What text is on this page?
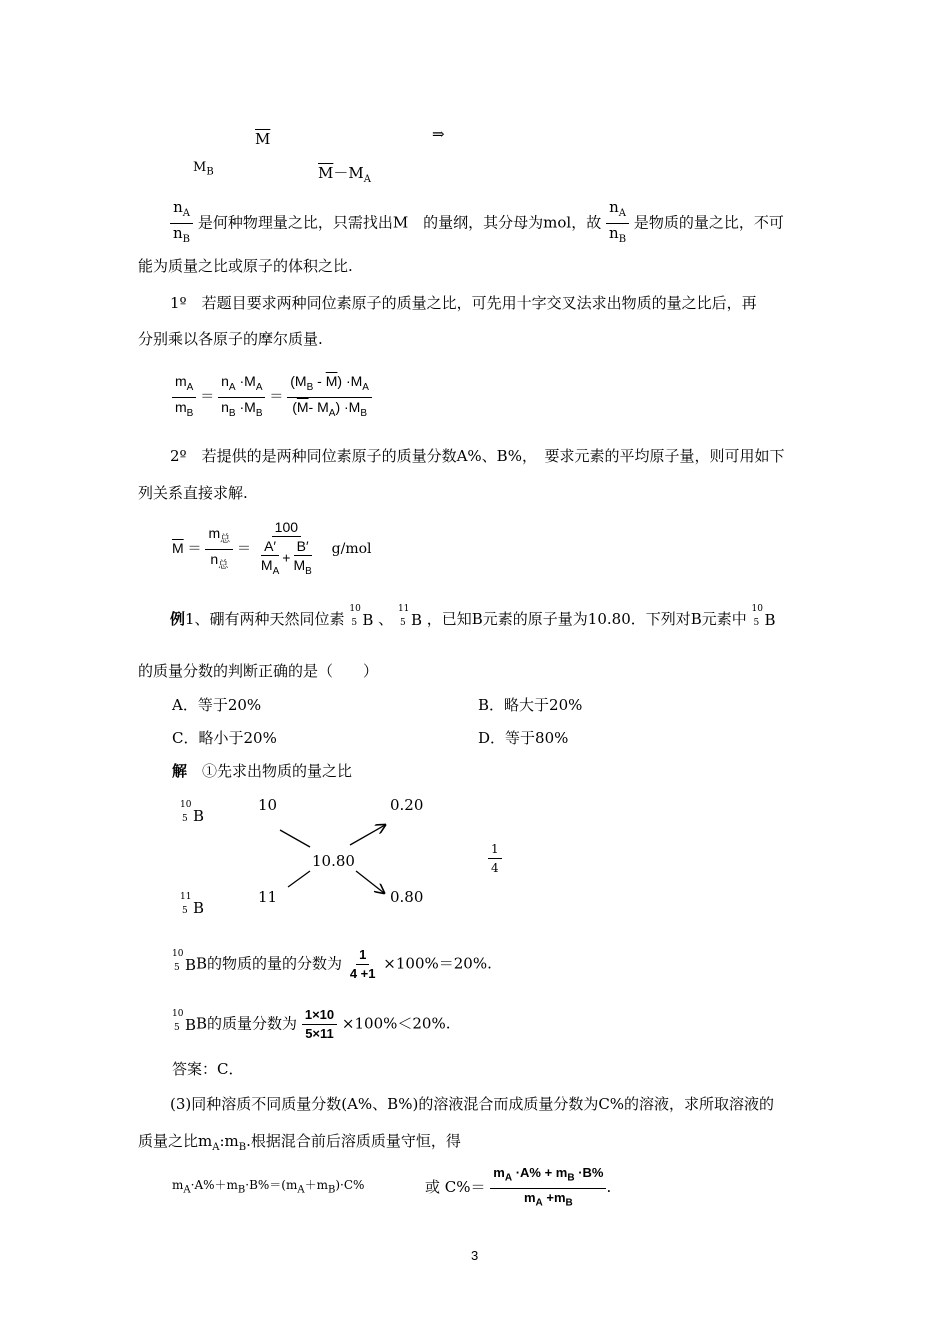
$\overline{M}$	⇒
$M_B$	$\overline{M}-M_A$
$\frac{n_A}{n_B}$ 是何种物理量之比，只需找出M　的量纲，其分母为mol，故 $\frac{n_A}{n_B}$ 是物质的量之比，不可
能为质量之比或原子的体积之比.
1º　若题目要求两种同位素原子的质量之比，可先用十字交叉法求出物质的量之比后，再
分别乘以各原子的摩尔质量.
$\frac{m_A}{m_B} = \frac{n_A \cdot M_A}{n_B \cdot M_B} = \frac{(M_B - \overline{M}) \cdot M_A}{(\overline{M}- M_A) \cdot M_B}$
2º　若提供的是两种同位素原子的质量分数A%、B%，　要求元素的平均原子量，则可用如下
列关系直接求解.
$\overline{M} = \frac{m_总}{n_总} = \frac{100}{\frac{A'}{M_A} + \frac{B'}{M_B}} g/mol$
例1、硼有两种天然同位素
10
5 B 、
11
5 B ，已知B元素的原子量为10.80．下列对B元素中
10
5 B
的质量分数的判断正确的是（　　）
A．等于20%	B．略大于20%
C．略小于20%	D．等于80%
解　 ①先求出物质的量之比
10
5 B
10	0.20
10.80
11	0.80
11
5 B
$\frac{1}{4}$
10
5 BB的物质的量的分数为 $\frac{1}{4 +1} \times 100\%=20\%$.
10
5 BB的质量分数为 $\frac{1\times 10}{5\times 11} \times 100\%<20\%$.
答案：C．
(3)同种溶质不同质量分数(A%、B%)的溶液混合而成质量分数为C%的溶液，求所取溶液的
质量之比$m_A:m_B$.根据混合前后溶质质量守恒，得
$m_A\cdot A\%+m_B\cdot B\%=(m_A+m_B)\cdot C\%$	或 $C\%= \frac{m_A \cdot A\% + m_B \cdot B\%}{m_A +m_B}$ .
3
